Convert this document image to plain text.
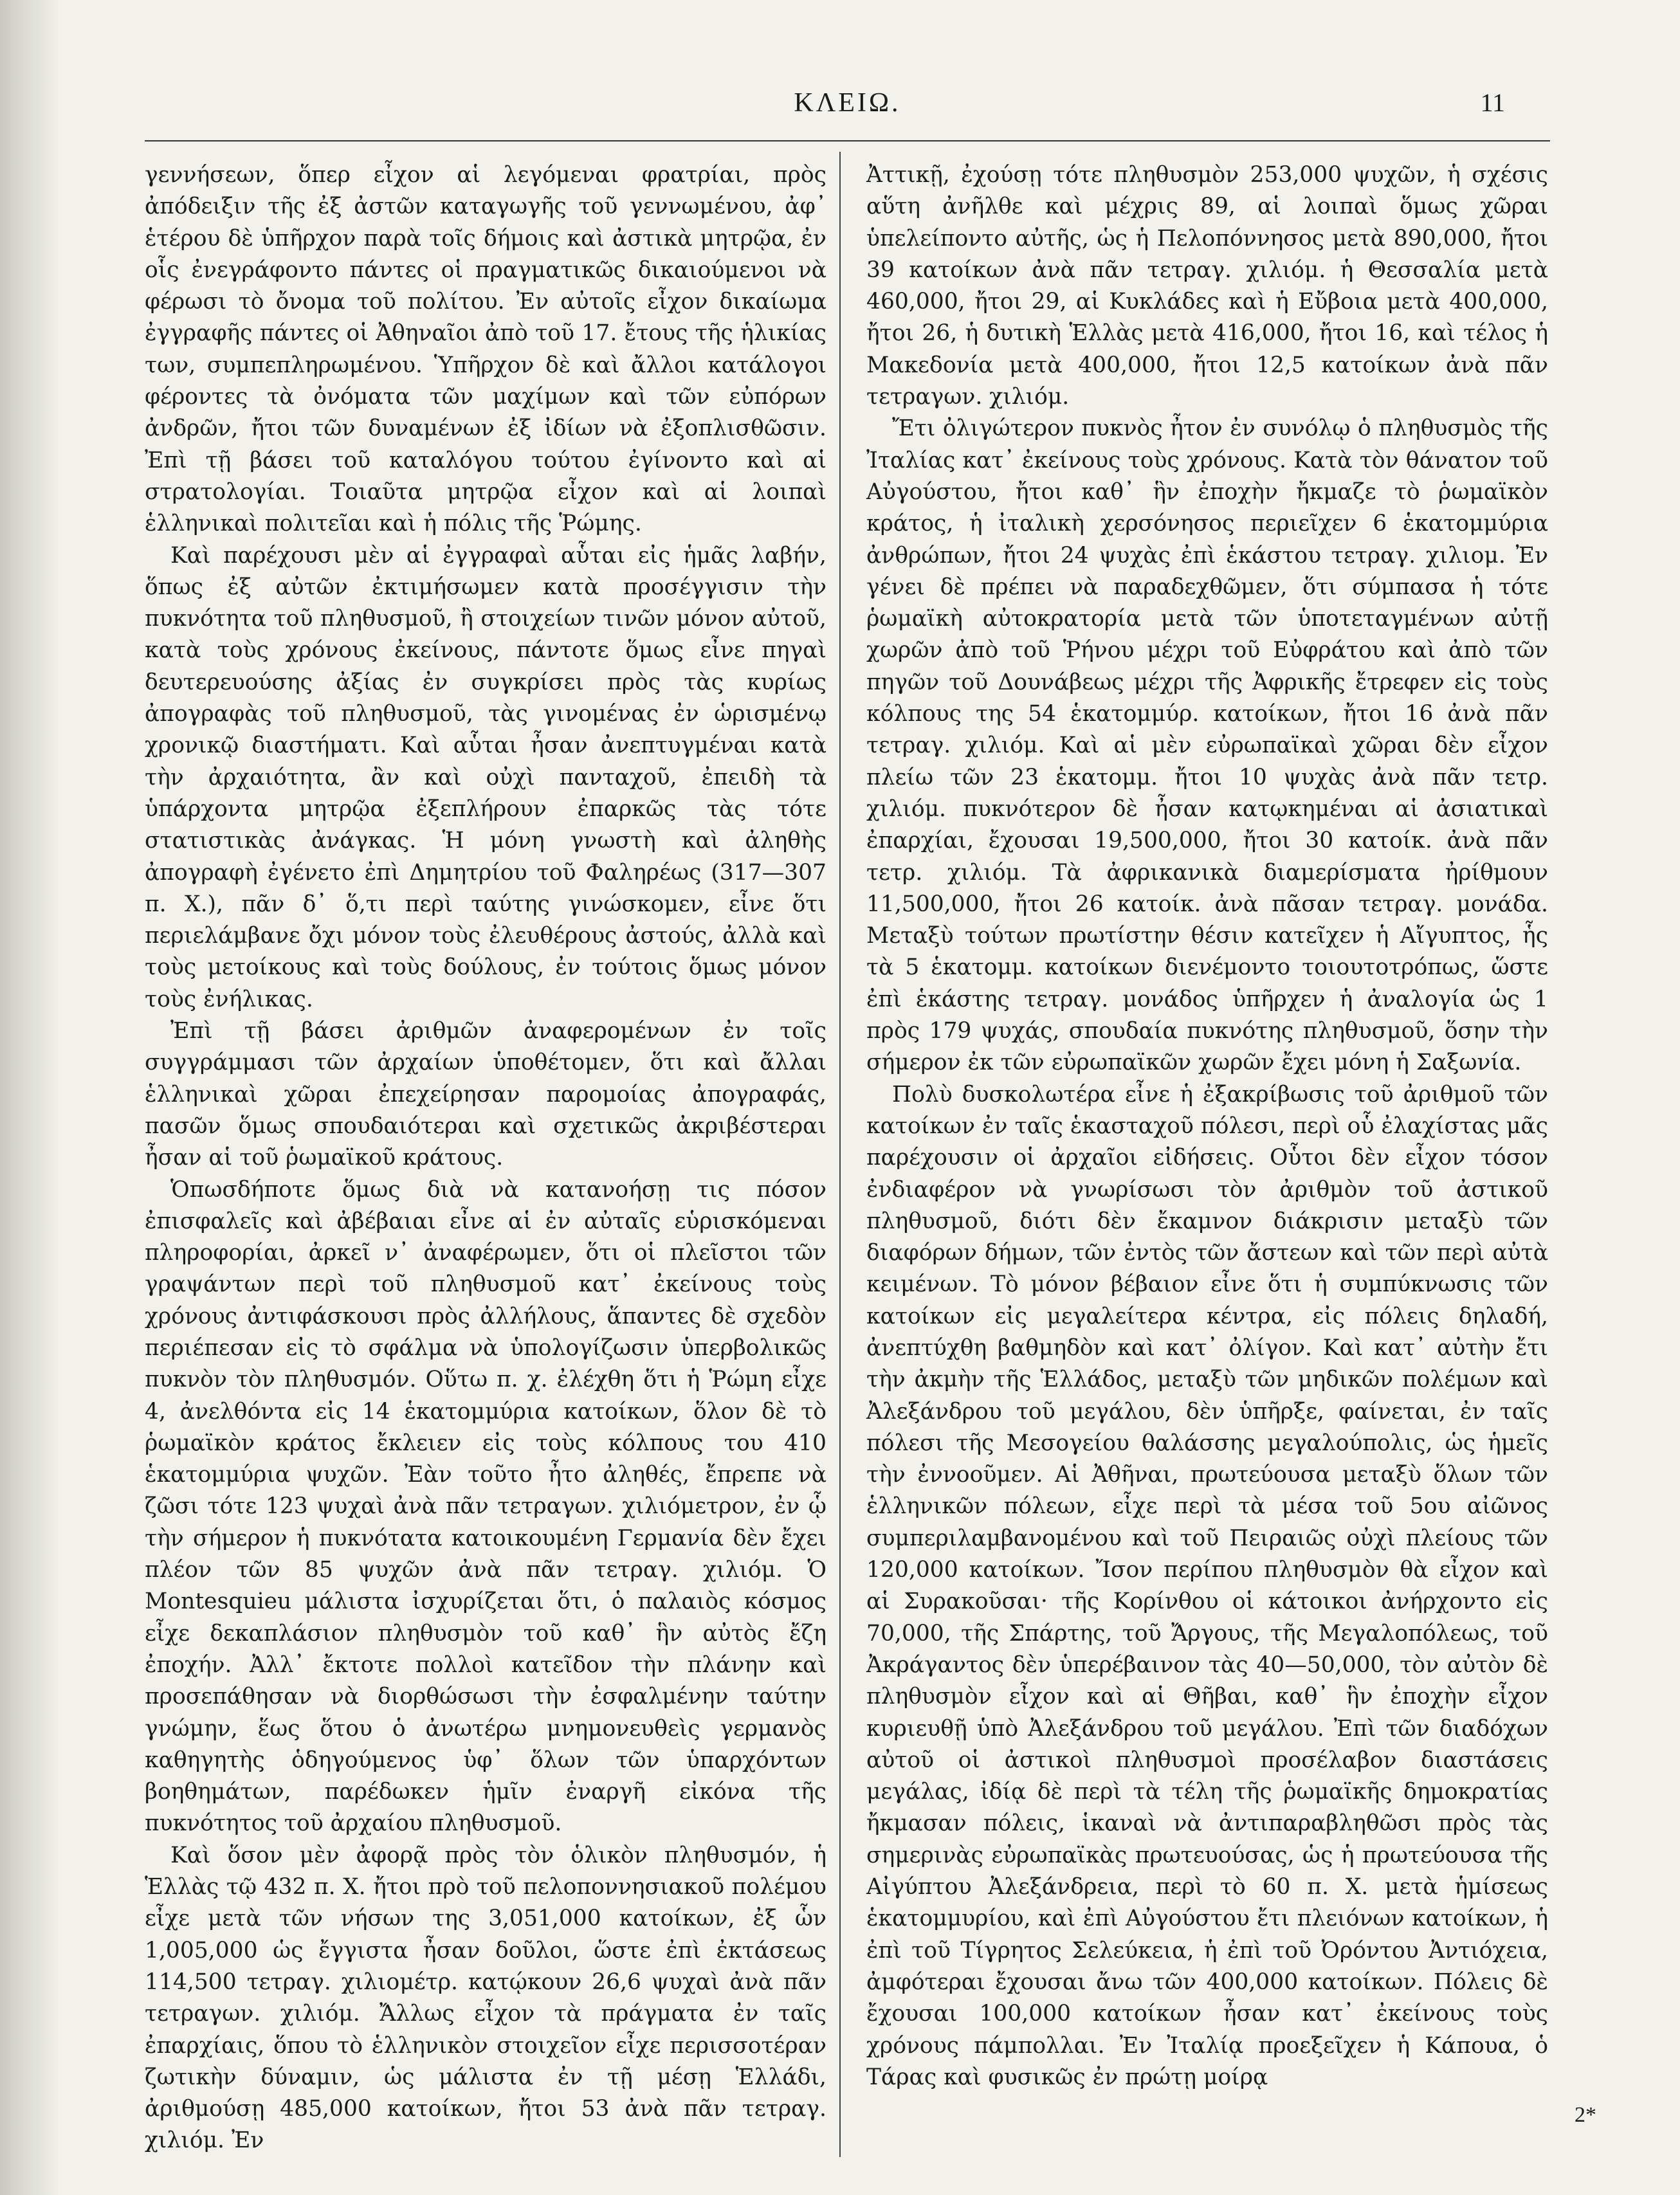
ΚΛΕΙΩ.	11

γεννήσεων, ὅπερ εἶχον αἱ λεγόμεναι φρατρίαι, πρὸς ἀπόδειξιν τῆς ἐξ ἀστῶν καταγωγῆς τοῦ γεννωμένου, ἀφ᾽ ἑτέρου δὲ ὑπῆρχον παρὰ τοῖς δήμοις καὶ ἀστικὰ μητρῷα, ἐν οἷς ἐνεγράφοντο πάντες οἱ πραγματικῶς δικαιούμενοι νὰ φέρωσι τὸ ὄνομα τοῦ πολίτου. Ἐν αὐτοῖς εἶχον δικαίωμα ἐγγραφῆς πάντες οἱ Ἀθηναῖοι ἀπὸ τοῦ 17. ἔτους τῆς ἡλικίας των, συμπεπληρωμένου. Ὑπῆρχον δὲ καὶ ἄλλοι κατάλογοι φέροντες τὰ ὀνόματα τῶν μαχίμων καὶ τῶν εὐπόρων ἀνδρῶν, ἤτοι τῶν δυναμένων ἐξ ἰδίων νὰ ἐξοπλισθῶσιν. Ἐπὶ τῇ βάσει τοῦ καταλόγου τούτου ἐγίνοντο καὶ αἱ στρατολογίαι. Τοιαῦτα μητρῷα εἶχον καὶ αἱ λοιπαὶ ἑλληνικαὶ πολιτεῖαι καὶ ἡ πόλις τῆς Ῥώμης.

Καὶ παρέχουσι μὲν αἱ ἐγγραφαὶ αὗται εἰς ἡμᾶς λαβήν, ὅπως ἐξ αὐτῶν ἐκτιμήσωμεν κατὰ προσέγγισιν τὴν πυκνότητα τοῦ πληθυσμοῦ, ἢ στοιχείων τινῶν μόνον αὐτοῦ, κατὰ τοὺς χρόνους ἐκείνους, πάντοτε ὅμως εἶνε πηγαὶ δευτερευούσης ἀξίας ἐν συγκρίσει πρὸς τὰς κυρίως ἀπογραφὰς τοῦ πληθυσμοῦ, τὰς γινομένας ἐν ὡρισμένῳ χρονικῷ διαστήματι. Καὶ αὗται ἦσαν ἀνεπτυγμέναι κατὰ τὴν ἀρχαιότητα, ἂν καὶ οὐχὶ πανταχοῦ, ἐπειδὴ τὰ ὑπάρχοντα μητρῷα ἐξεπλήρουν ἐπαρκῶς τὰς τότε στατιστικὰς ἀνάγκας. Ἡ μόνη γνωστὴ καὶ ἀληθὴς ἀπογραφὴ ἐγένετο ἐπὶ Δημητρίου τοῦ Φαληρέως (317—307 π. Χ.), πᾶν δ᾽ ὅ,τι περὶ ταύτης γινώσκομεν, εἶνε ὅτι περιελάμβανε ὄχι μόνον τοὺς ἐλευθέρους ἀστούς, ἀλλὰ καὶ τοὺς μετοίκους καὶ τοὺς δούλους, ἐν τούτοις ὅμως μόνον τοὺς ἐνήλικας.

Ἐπὶ τῇ βάσει ἀριθμῶν ἀναφερομένων ἐν τοῖς συγγράμμασι τῶν ἀρχαίων ὑποθέτομεν, ὅτι καὶ ἄλλαι ἑλληνικαὶ χῶραι ἐπεχείρησαν παρομοίας ἀπογραφάς, πασῶν ὅμως σπουδαιότεραι καὶ σχετικῶς ἀκριβέστεραι ἦσαν αἱ τοῦ ῥωμαϊκοῦ κράτους.

Ὁπωσδήποτε ὅμως διὰ νὰ κατανοήσῃ τις πόσον ἐπισφαλεῖς καὶ ἀβέβαιαι εἶνε αἱ ἐν αὐταῖς εὑρισκόμεναι πληροφορίαι, ἀρκεῖ ν᾽ ἀναφέρωμεν, ὅτι οἱ πλεῖστοι τῶν γραψάντων περὶ τοῦ πληθυσμοῦ κατ᾽ ἐκείνους τοὺς χρόνους ἀντιφάσκουσι πρὸς ἀλλήλους, ἅπαντες δὲ σχεδὸν περιέπεσαν εἰς τὸ σφάλμα νὰ ὑπολογίζωσιν ὑπερβολικῶς πυκνὸν τὸν πληθυσμόν. Οὕτω π. χ. ἐλέχθη ὅτι ἡ Ῥώμη εἶχε 4, ἀνελθόντα εἰς 14 ἑκατομμύρια κατοίκων, ὅλον δὲ τὸ ῥωμαϊκὸν κράτος ἔκλειεν εἰς τοὺς κόλπους του 410 ἑκατομμύρια ψυχῶν. Ἐὰν τοῦτο ἦτο ἀληθές, ἔπρεπε νὰ ζῶσι τότε 123 ψυχαὶ ἀνὰ πᾶν τετραγων. χιλιόμετρον, ἐν ᾧ τὴν σήμερον ἡ πυκνότατα κατοικουμένη Γερμανία δὲν ἔχει πλέον τῶν 85 ψυχῶν ἀνὰ πᾶν τετραγ. χιλιόμ. Ὁ Montesquieu μάλιστα ἰσχυρίζεται ὅτι, ὁ παλαιὸς κόσμος εἶχε δεκαπλάσιον πληθυσμὸν τοῦ καθ᾽ ἣν αὐτὸς ἔζη ἐποχήν. Ἀλλ᾽ ἔκτοτε πολλοὶ κατεῖδον τὴν πλάνην καὶ προσεπάθησαν νὰ διορθώσωσι τὴν ἐσφαλμένην ταύτην γνώμην, ἕως ὅτου ὁ ἀνωτέρω μνημονευθεὶς γερμανὸς καθηγητὴς ὁδηγούμενος ὑφ᾽ ὅλων τῶν ὑπαρχόντων βοηθημάτων, παρέδωκεν ἡμῖν ἐναργῆ εἰκόνα τῆς πυκνότητος τοῦ ἀρχαίου πληθυσμοῦ.

Καὶ ὅσον μὲν ἀφορᾷ πρὸς τὸν ὁλικὸν πληθυσμόν, ἡ Ἑλλὰς τῷ 432 π. Χ. ἤτοι πρὸ τοῦ πελοποννησιακοῦ πολέμου εἶχε μετὰ τῶν νήσων της 3,051,000 κατοίκων, ἐξ ὧν 1,005,000 ὡς ἔγγιστα ἦσαν δοῦλοι, ὥστε ἐπὶ ἐκτάσεως 114,500 τετραγ. χιλιομέτρ. κατῴκουν 26,6 ψυχαὶ ἀνὰ πᾶν τετραγων. χιλιόμ. Ἄλλως εἶχον τὰ πράγματα ἐν ταῖς ἐπαρχίαις, ὅπου τὸ ἑλληνικὸν στοιχεῖον εἶχε περισσοτέραν ζωτικὴν δύναμιν, ὡς μάλιστα ἐν τῇ μέσῃ Ἑλλάδι, ἀριθμούσῃ 485,000 κατοίκων, ἤτοι 53 ἀνὰ πᾶν τετραγ. χιλιόμ. Ἐν

Ἀττικῇ, ἐχούσῃ τότε πληθυσμὸν 253,000 ψυχῶν, ἡ σχέσις αὕτη ἀνῆλθε καὶ μέχρις 89, αἱ λοιπαὶ ὅμως χῶραι ὑπελείποντο αὐτῆς, ὡς ἡ Πελοπόννησος μετὰ 890,000, ἤτοι 39 κατοίκων ἀνὰ πᾶν τετραγ. χιλιόμ. ἡ Θεσσαλία μετὰ 460,000, ἤτοι 29, αἱ Κυκλάδες καὶ ἡ Εὔβοια μετὰ 400,000, ἤτοι 26, ἡ δυτικὴ Ἑλλὰς μετὰ 416,000, ἤτοι 16, καὶ τέλος ἡ Μακεδονία μετὰ 400,000, ἤτοι 12,5 κατοίκων ἀνὰ πᾶν τετραγων. χιλιόμ.

Ἔτι ὀλιγώτερον πυκνὸς ἦτον ἐν συνόλῳ ὁ πληθυσμὸς τῆς Ἰταλίας κατ᾽ ἐκείνους τοὺς χρόνους. Κατὰ τὸν θάνατον τοῦ Αὐγούστου, ἤτοι καθ᾽ ἣν ἐποχὴν ἤκμαζε τὸ ῥωμαϊκὸν κράτος, ἡ ἰταλικὴ χερσόνησος περιεῖχεν 6 ἑκατομμύρια ἀνθρώπων, ἤτοι 24 ψυχὰς ἐπὶ ἑκάστου τετραγ. χιλιομ. Ἐν γένει δὲ πρέπει νὰ παραδεχθῶμεν, ὅτι σύμπασα ἡ τότε ῥωμαϊκὴ αὐτοκρατορία μετὰ τῶν ὑποτεταγμένων αὐτῇ χωρῶν ἀπὸ τοῦ Ῥήνου μέχρι τοῦ Εὐφράτου καὶ ἀπὸ τῶν πηγῶν τοῦ Δουνάβεως μέχρι τῆς Ἀφρικῆς ἔτρεφεν εἰς τοὺς κόλπους της 54 ἑκατομμύρ. κατοίκων, ἤτοι 16 ἀνὰ πᾶν τετραγ. χιλιόμ. Καὶ αἱ μὲν εὐρωπαϊκαὶ χῶραι δὲν εἶχον πλείω τῶν 23 ἑκατομμ. ἤτοι 10 ψυχὰς ἀνὰ πᾶν τετρ. χιλιόμ. πυκνότερον δὲ ἦσαν κατῳκημέναι αἱ ἀσιατικαὶ ἐπαρχίαι, ἔχουσαι 19,500,000, ἤτοι 30 κατοίκ. ἀνὰ πᾶν τετρ. χιλιόμ. Τὰ ἀφρικανικὰ διαμερίσματα ἠρίθμουν 11,500,000, ἤτοι 26 κατοίκ. ἀνὰ πᾶσαν τετραγ. μονάδα. Μεταξὺ τούτων πρωτίστην θέσιν κατεῖχεν ἡ Αἴγυπτος, ἧς τὰ 5 ἑκατομμ. κατοίκων διενέμοντο τοιουτοτρόπως, ὥστε ἐπὶ ἑκάστης τετραγ. μονάδος ὑπῆρχεν ἡ ἀναλογία ὡς 1 πρὸς 179 ψυχάς, σπουδαία πυκνότης πληθυσμοῦ, ὅσην τὴν σήμερον ἐκ τῶν εὐρωπαϊκῶν χωρῶν ἔχει μόνη ἡ Σαξωνία.

Πολὺ δυσκολωτέρα εἶνε ἡ ἐξακρίβωσις τοῦ ἀριθμοῦ τῶν κατοίκων ἐν ταῖς ἑκασταχοῦ πόλεσι, περὶ οὗ ἐλαχίστας μᾶς παρέχουσιν οἱ ἀρχαῖοι εἰδήσεις. Οὗτοι δὲν εἶχον τόσον ἐνδιαφέρον νὰ γνωρίσωσι τὸν ἀριθμὸν τοῦ ἀστικοῦ πληθυσμοῦ, διότι δὲν ἔκαμνον διάκρισιν μεταξὺ τῶν διαφόρων δήμων, τῶν ἐντὸς τῶν ἄστεων καὶ τῶν περὶ αὐτὰ κειμένων. Τὸ μόνον βέβαιον εἶνε ὅτι ἡ συμπύκνωσις τῶν κατοίκων εἰς μεγαλείτερα κέντρα, εἰς πόλεις δηλαδή, ἀνεπτύχθη βαθμηδὸν καὶ κατ᾽ ὀλίγον. Καὶ κατ᾽ αὐτὴν ἔτι τὴν ἀκμὴν τῆς Ἑλλάδος, μεταξὺ τῶν μηδικῶν πολέμων καὶ Ἀλεξάνδρου τοῦ μεγάλου, δὲν ὑπῆρξε, φαίνεται, ἐν ταῖς πόλεσι τῆς Μεσογείου θαλάσσης μεγαλούπολις, ὡς ἡμεῖς τὴν ἐννοοῦμεν. Αἱ Ἀθῆναι, πρωτεύουσα μεταξὺ ὅλων τῶν ἑλληνικῶν πόλεων, εἶχε περὶ τὰ μέσα τοῦ 5ου αἰῶνος συμπεριλαμβανομένου καὶ τοῦ Πειραιῶς οὐχὶ πλείους τῶν 120,000 κατοίκων. Ἴσον περίπου πληθυσμὸν θὰ εἶχον καὶ αἱ Συρακοῦσαι· τῆς Κορίνθου οἱ κάτοικοι ἀνήρχοντο εἰς 70,000, τῆς Σπάρτης, τοῦ Ἄργους, τῆς Μεγαλοπόλεως, τοῦ Ἀκράγαντος δὲν ὑπερέβαινον τὰς 40—50,000, τὸν αὐτὸν δὲ πληθυσμὸν εἶχον καὶ αἱ Θῆβαι, καθ᾽ ἣν ἐποχὴν εἶχον κυριευθῇ ὑπὸ Ἀλεξάνδρου τοῦ μεγάλου. Ἐπὶ τῶν διαδόχων αὐτοῦ οἱ ἀστικοὶ πληθυσμοὶ προσέλαβον διαστάσεις μεγάλας, ἰδίᾳ δὲ περὶ τὰ τέλη τῆς ῥωμαϊκῆς δημοκρατίας ἤκμασαν πόλεις, ἱκαναὶ νὰ ἀντιπαραβληθῶσι πρὸς τὰς σημερινὰς εὐρωπαϊκὰς πρωτευούσας, ὡς ἡ πρωτεύουσα τῆς Αἰγύπτου Ἀλεξάνδρεια, περὶ τὸ 60 π. Χ. μετὰ ἡμίσεως ἑκατομμυρίου, καὶ ἐπὶ Αὐγούστου ἔτι πλειόνων κατοίκων, ἡ ἐπὶ τοῦ Τίγρητος Σελεύκεια, ἡ ἐπὶ τοῦ Ὀρόντου Ἀντιόχεια, ἀμφότεραι ἔχουσαι ἄνω τῶν 400,000 κατοίκων. Πόλεις δὲ ἔχουσαι 100,000 κατοίκων ἦσαν κατ᾽ ἐκείνους τοὺς χρόνους πάμπολλαι. Ἐν Ἰταλίᾳ προεξεῖχεν ἡ Κάπουα, ὁ Τάρας καὶ φυσικῶς ἐν πρώτῃ μοίρᾳ

2*
